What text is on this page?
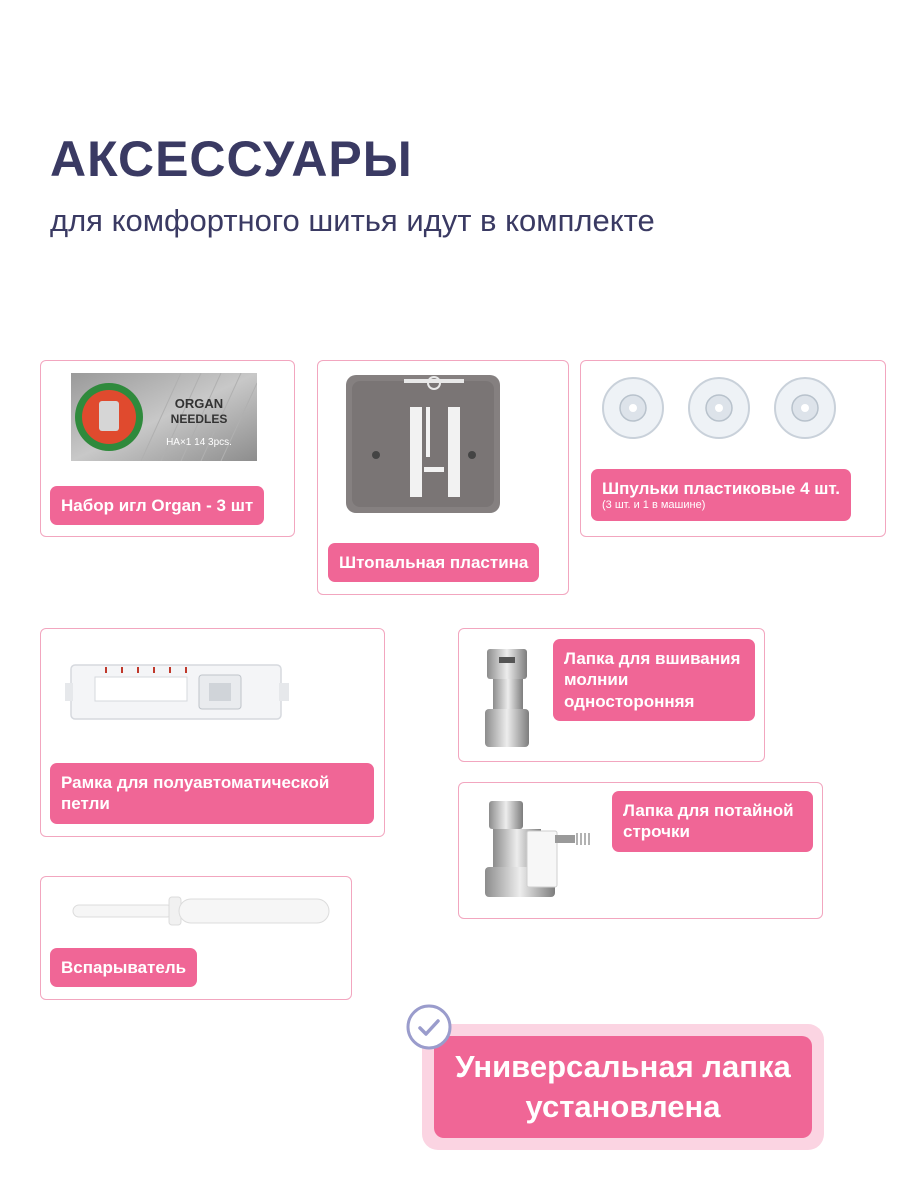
АКСЕССУАРЫ
для комфортного шитья идут в комплекте
ORGAN
NEEDLES
HA×1 14 3pcs.
Набор игл Organ - 3 шт
Штопальная пластина
Шпульки пластиковые 4 шт.
(3 шт. и 1 в машине)
Рамка для полуавтоматической петли
Лапка для вшивания молнии односторонняя
Лапка для потайной строчки
Вспарыватель
Универсальная лапка установлена
